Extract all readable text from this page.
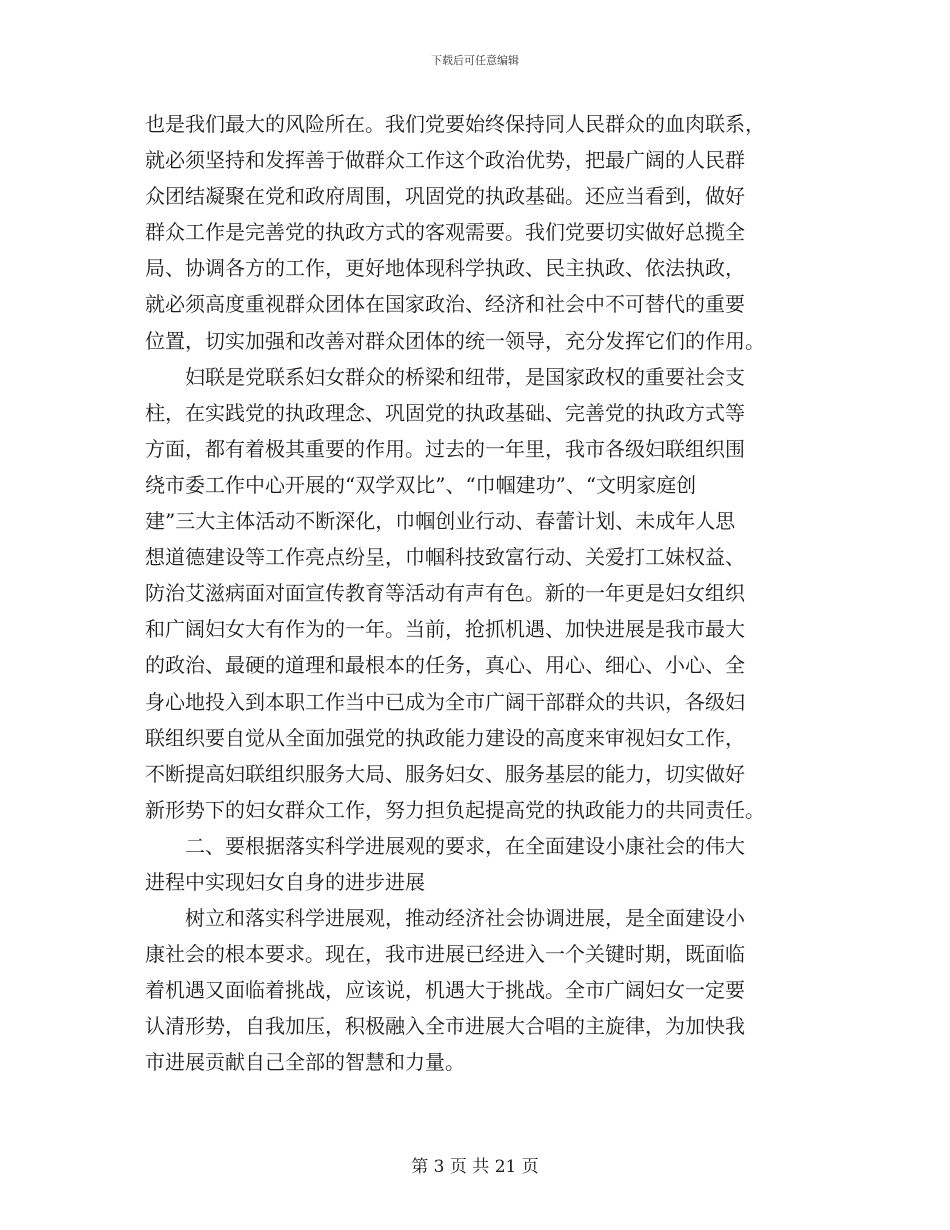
下载后可任意编辑
也是我们最大的风险所在。我们党要始终保持同人民群众的血肉联系，
就必须坚持和发挥善于做群众工作这个政治优势，把最广阔的人民群
众团结凝聚在党和政府周围，巩固党的执政基础。还应当看到，做好
群众工作是完善党的执政方式的客观需要。我们党要切实做好总揽全
局、协调各方的工作，更好地体现科学执政、民主执政、依法执政，
就必须高度重视群众团体在国家政治、经济和社会中不可替代的重要
位置，切实加强和改善对群众团体的统一领导，充分发挥它们的作用。
　　妇联是党联系妇女群众的桥梁和纽带，是国家政权的重要社会支
柱，在实践党的执政理念、巩固党的执政基础、完善党的执政方式等
方面，都有着极其重要的作用。过去的一年里，我市各级妇联组织围
绕市委工作中心开展的“双学双比”、“巾帼建功”、“文明家庭创
建”三大主体活动不断深化，巾帼创业行动、春蕾计划、未成年人思
想道德建设等工作亮点纷呈，巾帼科技致富行动、关爱打工妹权益、
防治艾滋病面对面宣传教育等活动有声有色。新的一年更是妇女组织
和广阔妇女大有作为的一年。当前，抢抓机遇、加快进展是我市最大
的政治、最硬的道理和最根本的任务，真心、用心、细心、小心、全
身心地投入到本职工作当中已成为全市广阔干部群众的共识，各级妇
联组织要自觉从全面加强党的执政能力建设的高度来审视妇女工作，
不断提高妇联组织服务大局、服务妇女、服务基层的能力，切实做好
新形势下的妇女群众工作，努力担负起提高党的执政能力的共同责任。
　　二、要根据落实科学进展观的要求，在全面建设小康社会的伟大
进程中实现妇女自身的进步进展
　　树立和落实科学进展观，推动经济社会协调进展，是全面建设小
康社会的根本要求。现在，我市进展已经进入一个关键时期，既面临
着机遇又面临着挑战，应该说，机遇大于挑战。全市广阔妇女一定要
认清形势，自我加压，积极融入全市进展大合唱的主旋律，为加快我
市进展贡献自己全部的智慧和力量。
第 3 页 共 21 页
